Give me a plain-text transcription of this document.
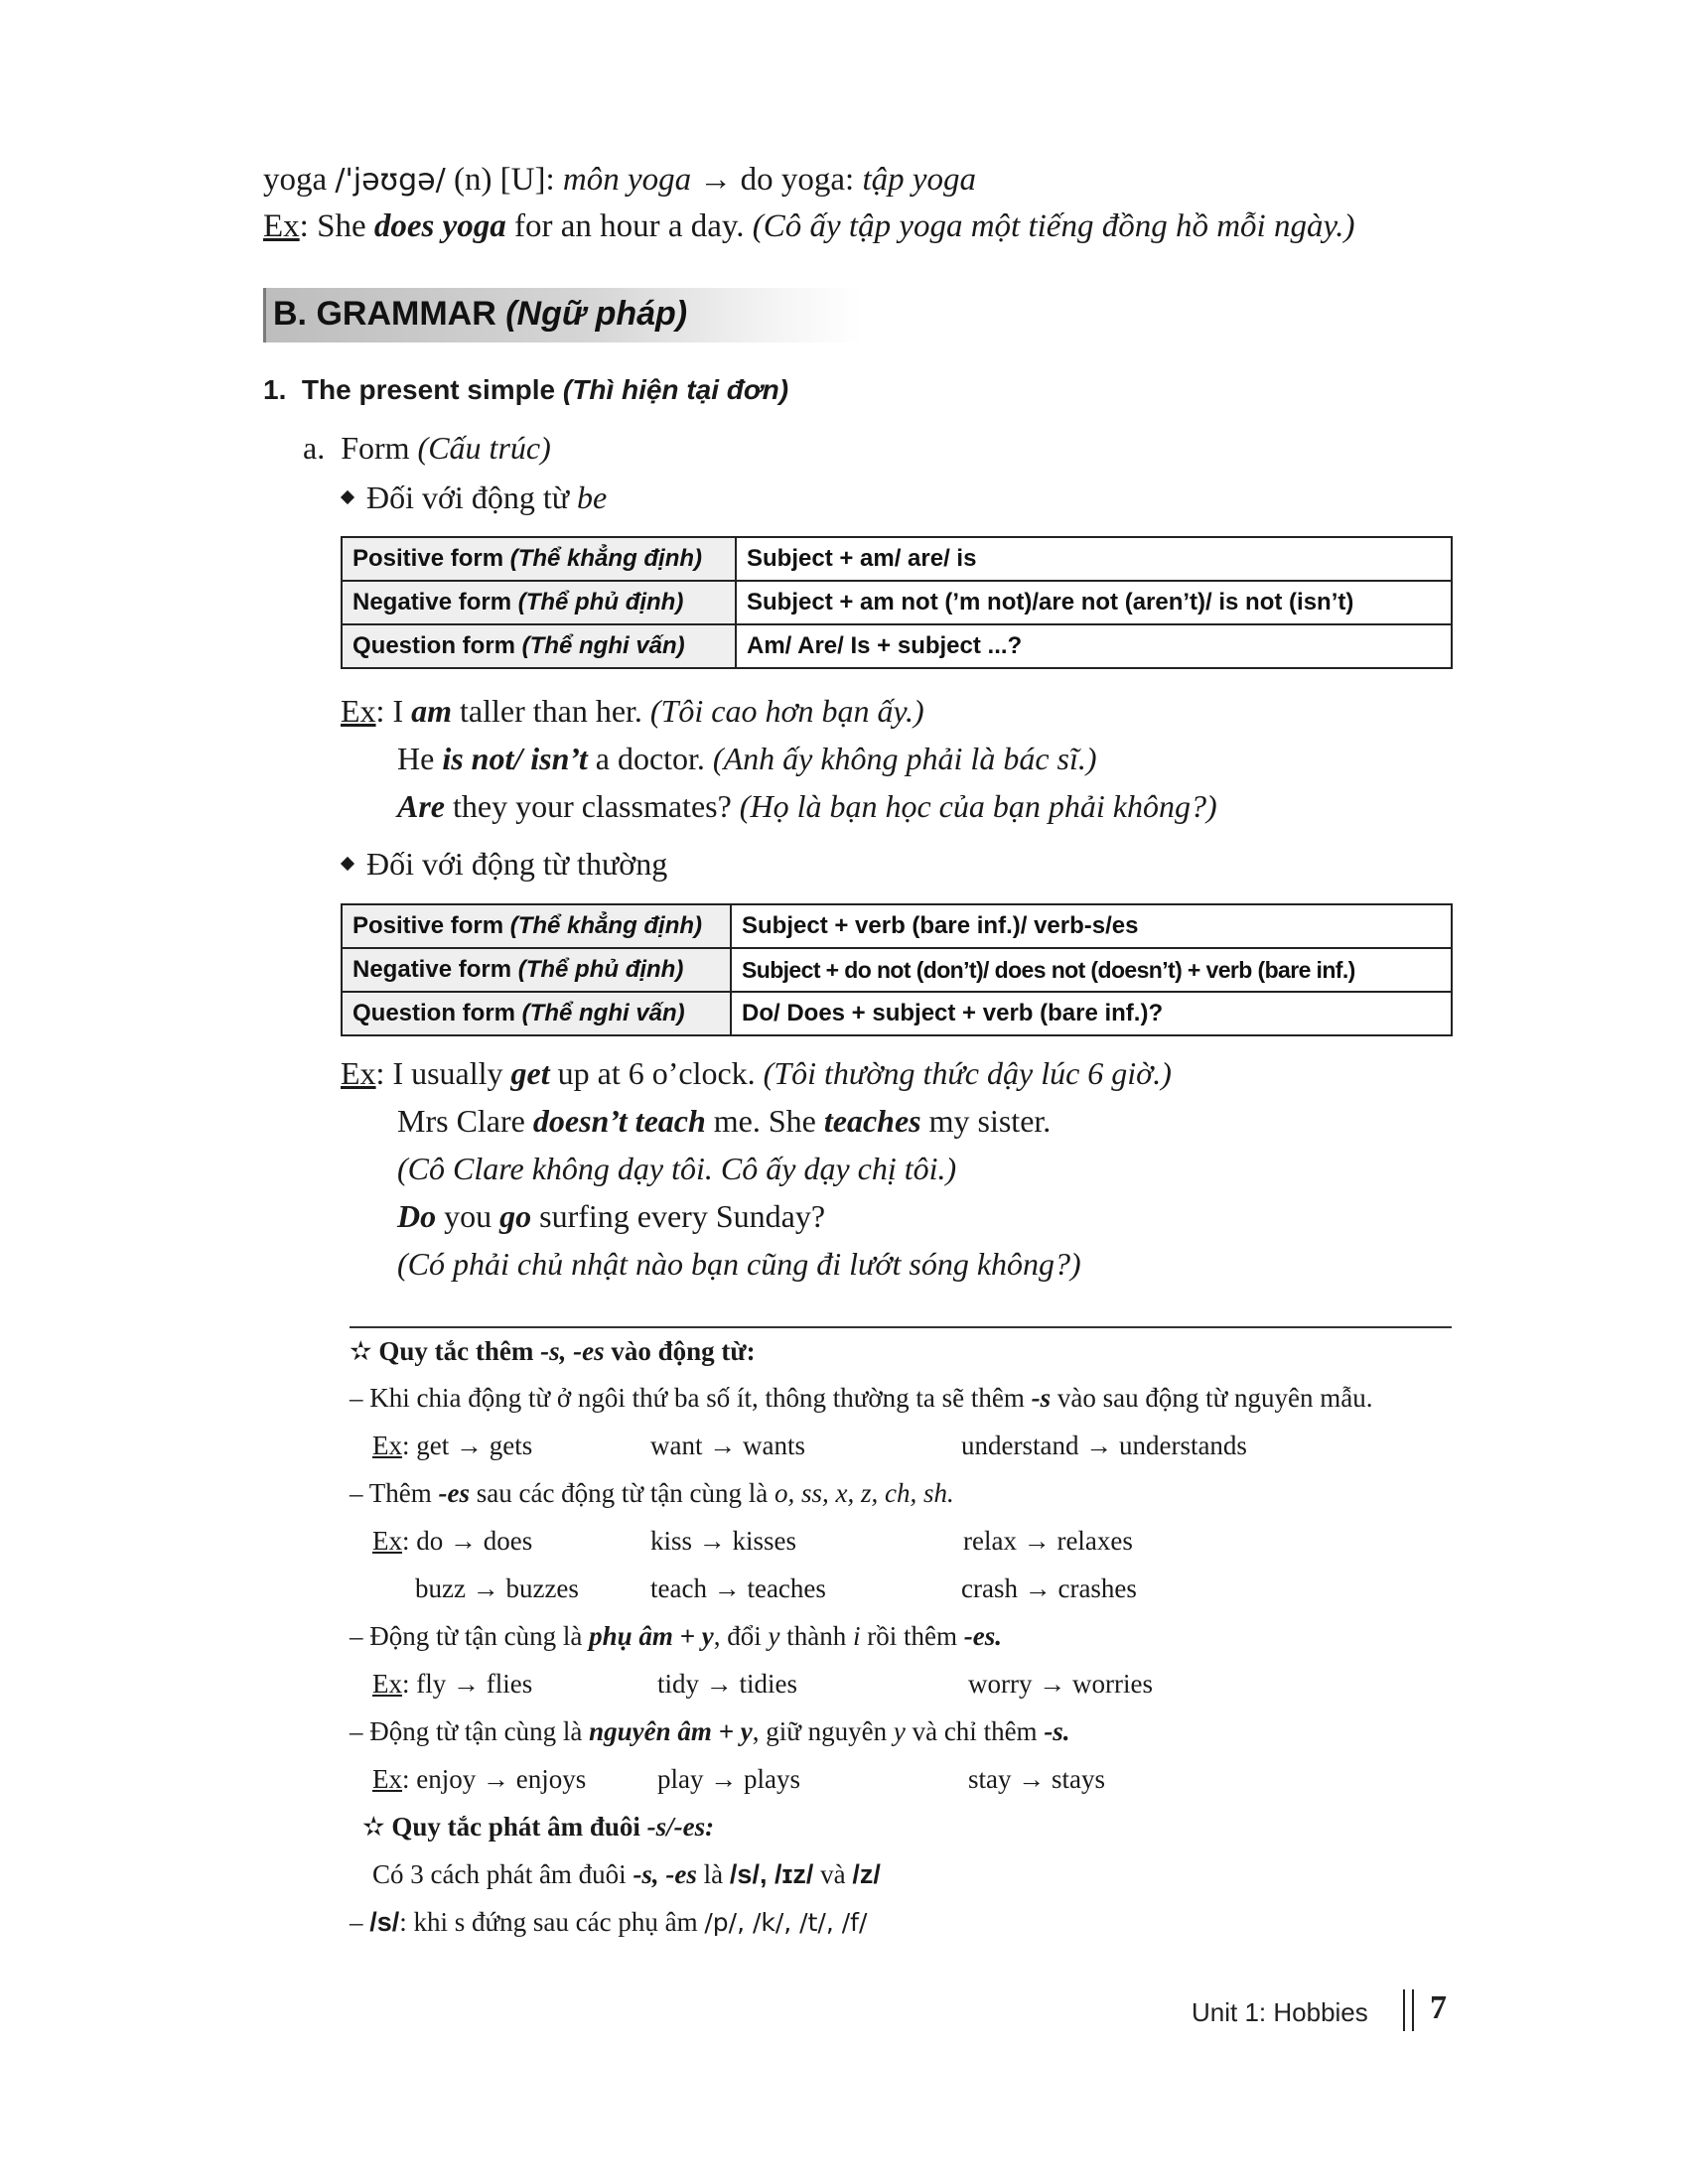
yoga /'jəʊgə/ (n) [U]: môn yoga → do yoga: tập yoga
Ex: She does yoga for an hour a day. (Cô ấy tập yoga một tiếng đồng hồ mỗi ngày.)
B. GRAMMAR (Ngữ pháp)
1. The present simple (Thì hiện tại đơn)
a. Form (Cấu trúc)
Đối với động từ be
Positive form (Thể khẳng định)	Subject + am/ are/ is
Negative form (Thể phủ định)	Subject + am not (’m not)/are not (aren’t)/ is not (isn’t)
Question form (Thể nghi vấn)	Am/ Are/ Is + subject ...?
Ex: I am taller than her. (Tôi cao hơn bạn ấy.)
He is not/ isn’t a doctor. (Anh ấy không phải là bác sĩ.)
Are they your classmates? (Họ là bạn học của bạn phải không?)
Đối với động từ thường
Positive form (Thể khẳng định)	Subject + verb (bare inf.)/ verb-s/es
Negative form (Thể phủ định)	Subject + do not (don’t)/ does not (doesn’t) + verb (bare inf.)
Question form (Thể nghi vấn)	Do/ Does + subject + verb (bare inf.)?
Ex: I usually get up at 6 o’clock. (Tôi thường thức dậy lúc 6 giờ.)
Mrs Clare doesn’t teach me. She teaches my sister.
(Cô Clare không dạy tôi. Cô ấy dạy chị tôi.)
Do you go surfing every Sunday?
(Có phải chủ nhật nào bạn cũng đi lướt sóng không?)
✫ Quy tắc thêm -s, -es vào động từ:
– Khi chia động từ ở ngôi thứ ba số ít, thông thường ta sẽ thêm -s vào sau động từ nguyên mẫu.
Ex: get → gets	want → wants	understand → understands
– Thêm -es sau các động từ tận cùng là o, ss, x, z, ch, sh.
Ex: do → does	kiss → kisses	relax → relaxes
buzz → buzzes	teach → teaches	crash → crashes
– Động từ tận cùng là phụ âm + y, đổi y thành i rồi thêm -es.
Ex: fly → flies	tidy → tidies	worry → worries
– Động từ tận cùng là nguyên âm + y, giữ nguyên y và chỉ thêm -s.
Ex: enjoy → enjoys	play → plays	stay → stays
✫ Quy tắc phát âm đuôi -s/-es:
Có 3 cách phát âm đuôi -s, -es là /s/, /ɪz/ và /z/
– /s/: khi s đứng sau các phụ âm /p/, /k/, /t/, /f/
Unit 1: Hobbies 7
